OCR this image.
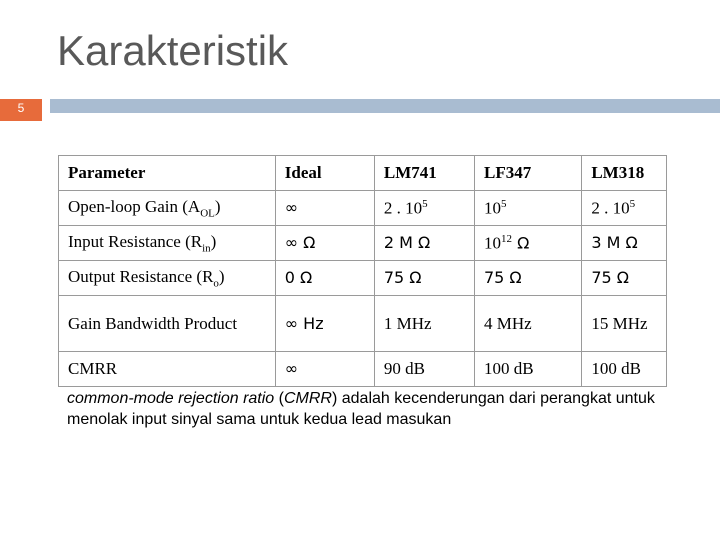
Karakteristik
5
Parameter	Ideal	LM741	LF347	LM318
Open-loop Gain $(A_{OL})$	∞	2 . $10^5$	$10^5$	2 . $10^5$
Input Resistance $(R_{in})$	∞ Ω	2 M Ω	$10^{12}$ Ω	3 M Ω
Output Resistance $(R_o)$	0 Ω	75 Ω	75 Ω	75 Ω
Gain Bandwidth Product	∞ Hz	1 MHz	4 MHz	15 MHz
CMRR	∞	90 dB	100 dB	100 dB
common-mode rejection ratio (CMRR) adalah kecenderungan dari perangkat untuk menolak input sinyal sama untuk kedua lead masukan
